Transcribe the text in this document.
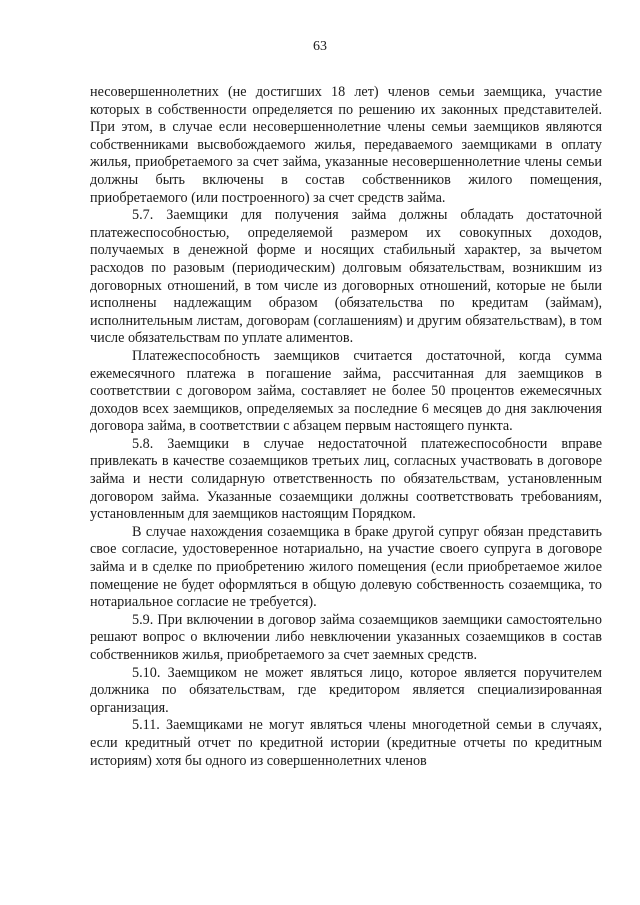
63

несовершеннолетних (не достигших 18 лет) членов семьи заемщика, участие которых в собственности определяется по решению их законных представителей. При этом, в случае если несовершеннолетние члены семьи заемщиков являются собственниками высвобождаемого жилья, передаваемого заемщиками в оплату жилья, приобретаемого за счет займа, указанные несовершеннолетние члены семьи должны быть включены в состав собственников жилого помещения, приобретаемого (или построенного) за счет средств займа.

5.7. Заемщики для получения займа должны обладать достаточной платежеспособностью, определяемой размером их совокупных доходов, получаемых в денежной форме и носящих стабильный характер, за вычетом расходов по разовым (периодическим) долговым обязательствам, возникшим из договорных отношений, в том числе из договорных отношений, которые не были исполнены надлежащим образом (обязательства по кредитам (займам), исполнительным листам, договорам (соглашениям) и другим обязательствам), в том числе обязательствам по уплате алиментов.

Платежеспособность заемщиков считается достаточной, когда сумма ежемесячного платежа в погашение займа, рассчитанная для заемщиков в соответствии с договором займа, составляет не более 50 процентов ежемесячных доходов всех заемщиков, определяемых за последние 6 месяцев до дня заключения договора займа, в соответствии с абзацем первым настоящего пункта.

5.8. Заемщики в случае недостаточной платежеспособности вправе привлекать в качестве созаемщиков третьих лиц, согласных участвовать в договоре займа и нести солидарную ответственность по обязательствам, установленным договором займа. Указанные созаемщики должны соответствовать требованиям, установленным для заемщиков настоящим Порядком.

В случае нахождения созаемщика в браке другой супруг обязан представить свое согласие, удостоверенное нотариально, на участие своего супруга в договоре займа и в сделке по приобретению жилого помещения (если приобретаемое жилое помещение не будет оформляться в общую долевую собственность созаемщика, то нотариальное согласие не требуется).

5.9. При включении в договор займа созаемщиков заемщики самостоятельно решают вопрос о включении либо невключении указанных созаемщиков в состав собственников жилья, приобретаемого за счет заемных средств.

5.10. Заемщиком не может являться лицо, которое является поручителем должника по обязательствам, где кредитором является специализированная организация.

5.11. Заемщиками не могут являться члены многодетной семьи в случаях, если кредитный отчет по кредитной истории (кредитные отчеты по кредитным историям) хотя бы одного из совершеннолетних членов
